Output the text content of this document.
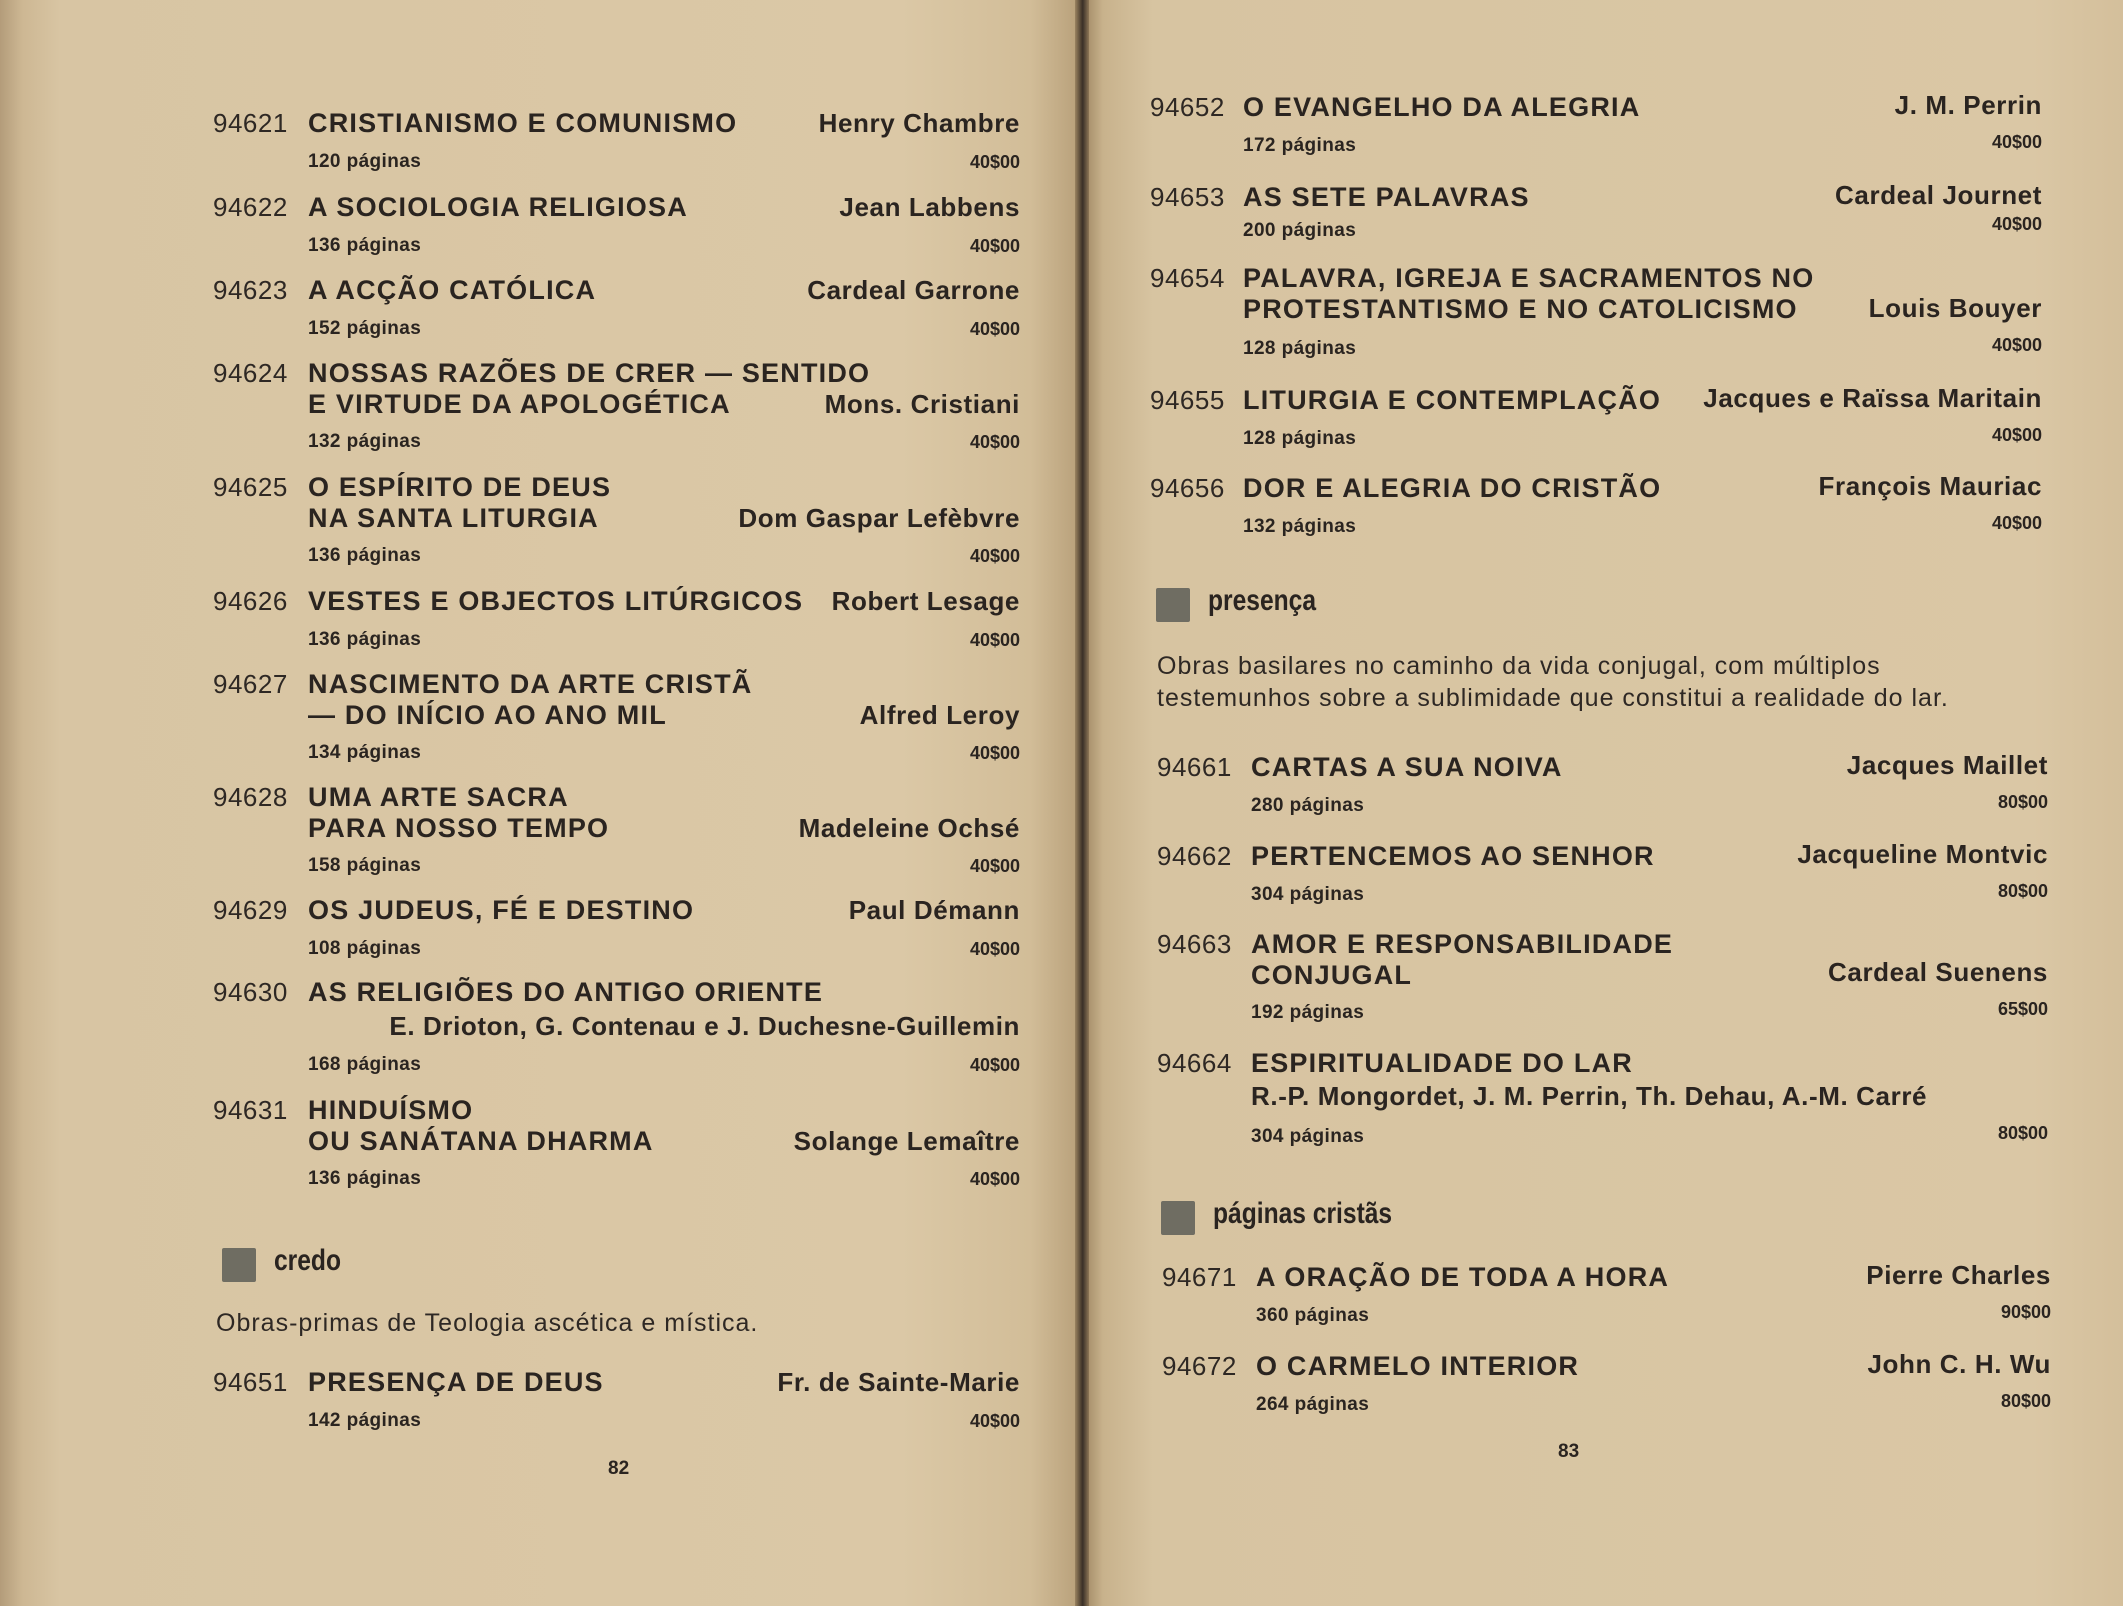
94621 CRISTIANISMO E COMUNISMO	Henry Chambre
120 páginas	40$00
94622 A SOCIOLOGIA RELIGIOSA	Jean Labbens
136 páginas	40$00
94623 A ACÇÃO CATÓLICA	Cardeal Garrone
152 páginas	40$00
94624 NOSSAS RAZÕES DE CRER — SENTIDO
E VIRTUDE DA APOLOGÉTICA	Mons. Cristiani
132 páginas	40$00
94625 O ESPÍRITO DE DEUS
NA SANTA LITURGIA	Dom Gaspar Lefèbvre
136 páginas	40$00
94626 VESTES E OBJECTOS LITÚRGICOS Robert Lesage
136 páginas	40$00
94627 NASCIMENTO DA ARTE CRISTÃ
— DO INÍCIO AO ANO MIL	Alfred Leroy
134 páginas	40$00
94628 UMA ARTE SACRA
PARA NOSSO TEMPO	Madeleine Ochsé
158 páginas	40$00
94629 OS JUDEUS, FÉ E DESTINO	Paul Démann
108 páginas	40$00
94630 AS RELIGIÕES DO ANTIGO ORIENTE
E. Drioton, G. Contenau e J. Duchesne-Guillemin
168 páginas	40$00
94631 HINDUÍSMO
OU SANÁTANA DHARMA	Solange Lemaître
136 páginas	40$00
credo
Obras-primas de Teologia ascética e mística.
94651 PRESENÇA DE DEUS	Fr. de Sainte-Marie
142 páginas	40$00
82
94652 O EVANGELHO DA ALEGRIA	J. M. Perrin
172 páginas	40$00
94653 AS SETE PALAVRAS	Cardeal Journet
200 páginas	40$00
94654 PALAVRA, IGREJA E SACRAMENTOS NO
PROTESTANTISMO E NO CATOLICISMO	Louis Bouyer
128 páginas	40$00
94655 LITURGIA E CONTEMPLAÇÃO Jacques e Raïssa Maritain
128 páginas	40$00
94656 DOR E ALEGRIA DO CRISTÃO	François Mauriac
132 páginas	40$00
presença
Obras basilares no caminho da vida conjugal, com múltiplos
testemunhos sobre a sublimidade que constitui a realidade do lar.
94661 CARTAS A SUA NOIVA	Jacques Maillet
280 páginas	80$00
94662 PERTENCEMOS AO SENHOR	Jacqueline Montvic
304 páginas	80$00
94663 AMOR E RESPONSABILIDADE
CONJUGAL	Cardeal Suenens
192 páginas	65$00
94664 ESPIRITUALIDADE DO LAR
R.-P. Mongordet, J. M. Perrin, Th. Dehau, A.-M. Carré
304 páginas	80$00
páginas cristãs
94671 A ORAÇÃO DE TODA A HORA	Pierre Charles
360 páginas	90$00
94672 O CARMELO INTERIOR	John C. H. Wu
264 páginas	80$00
83
